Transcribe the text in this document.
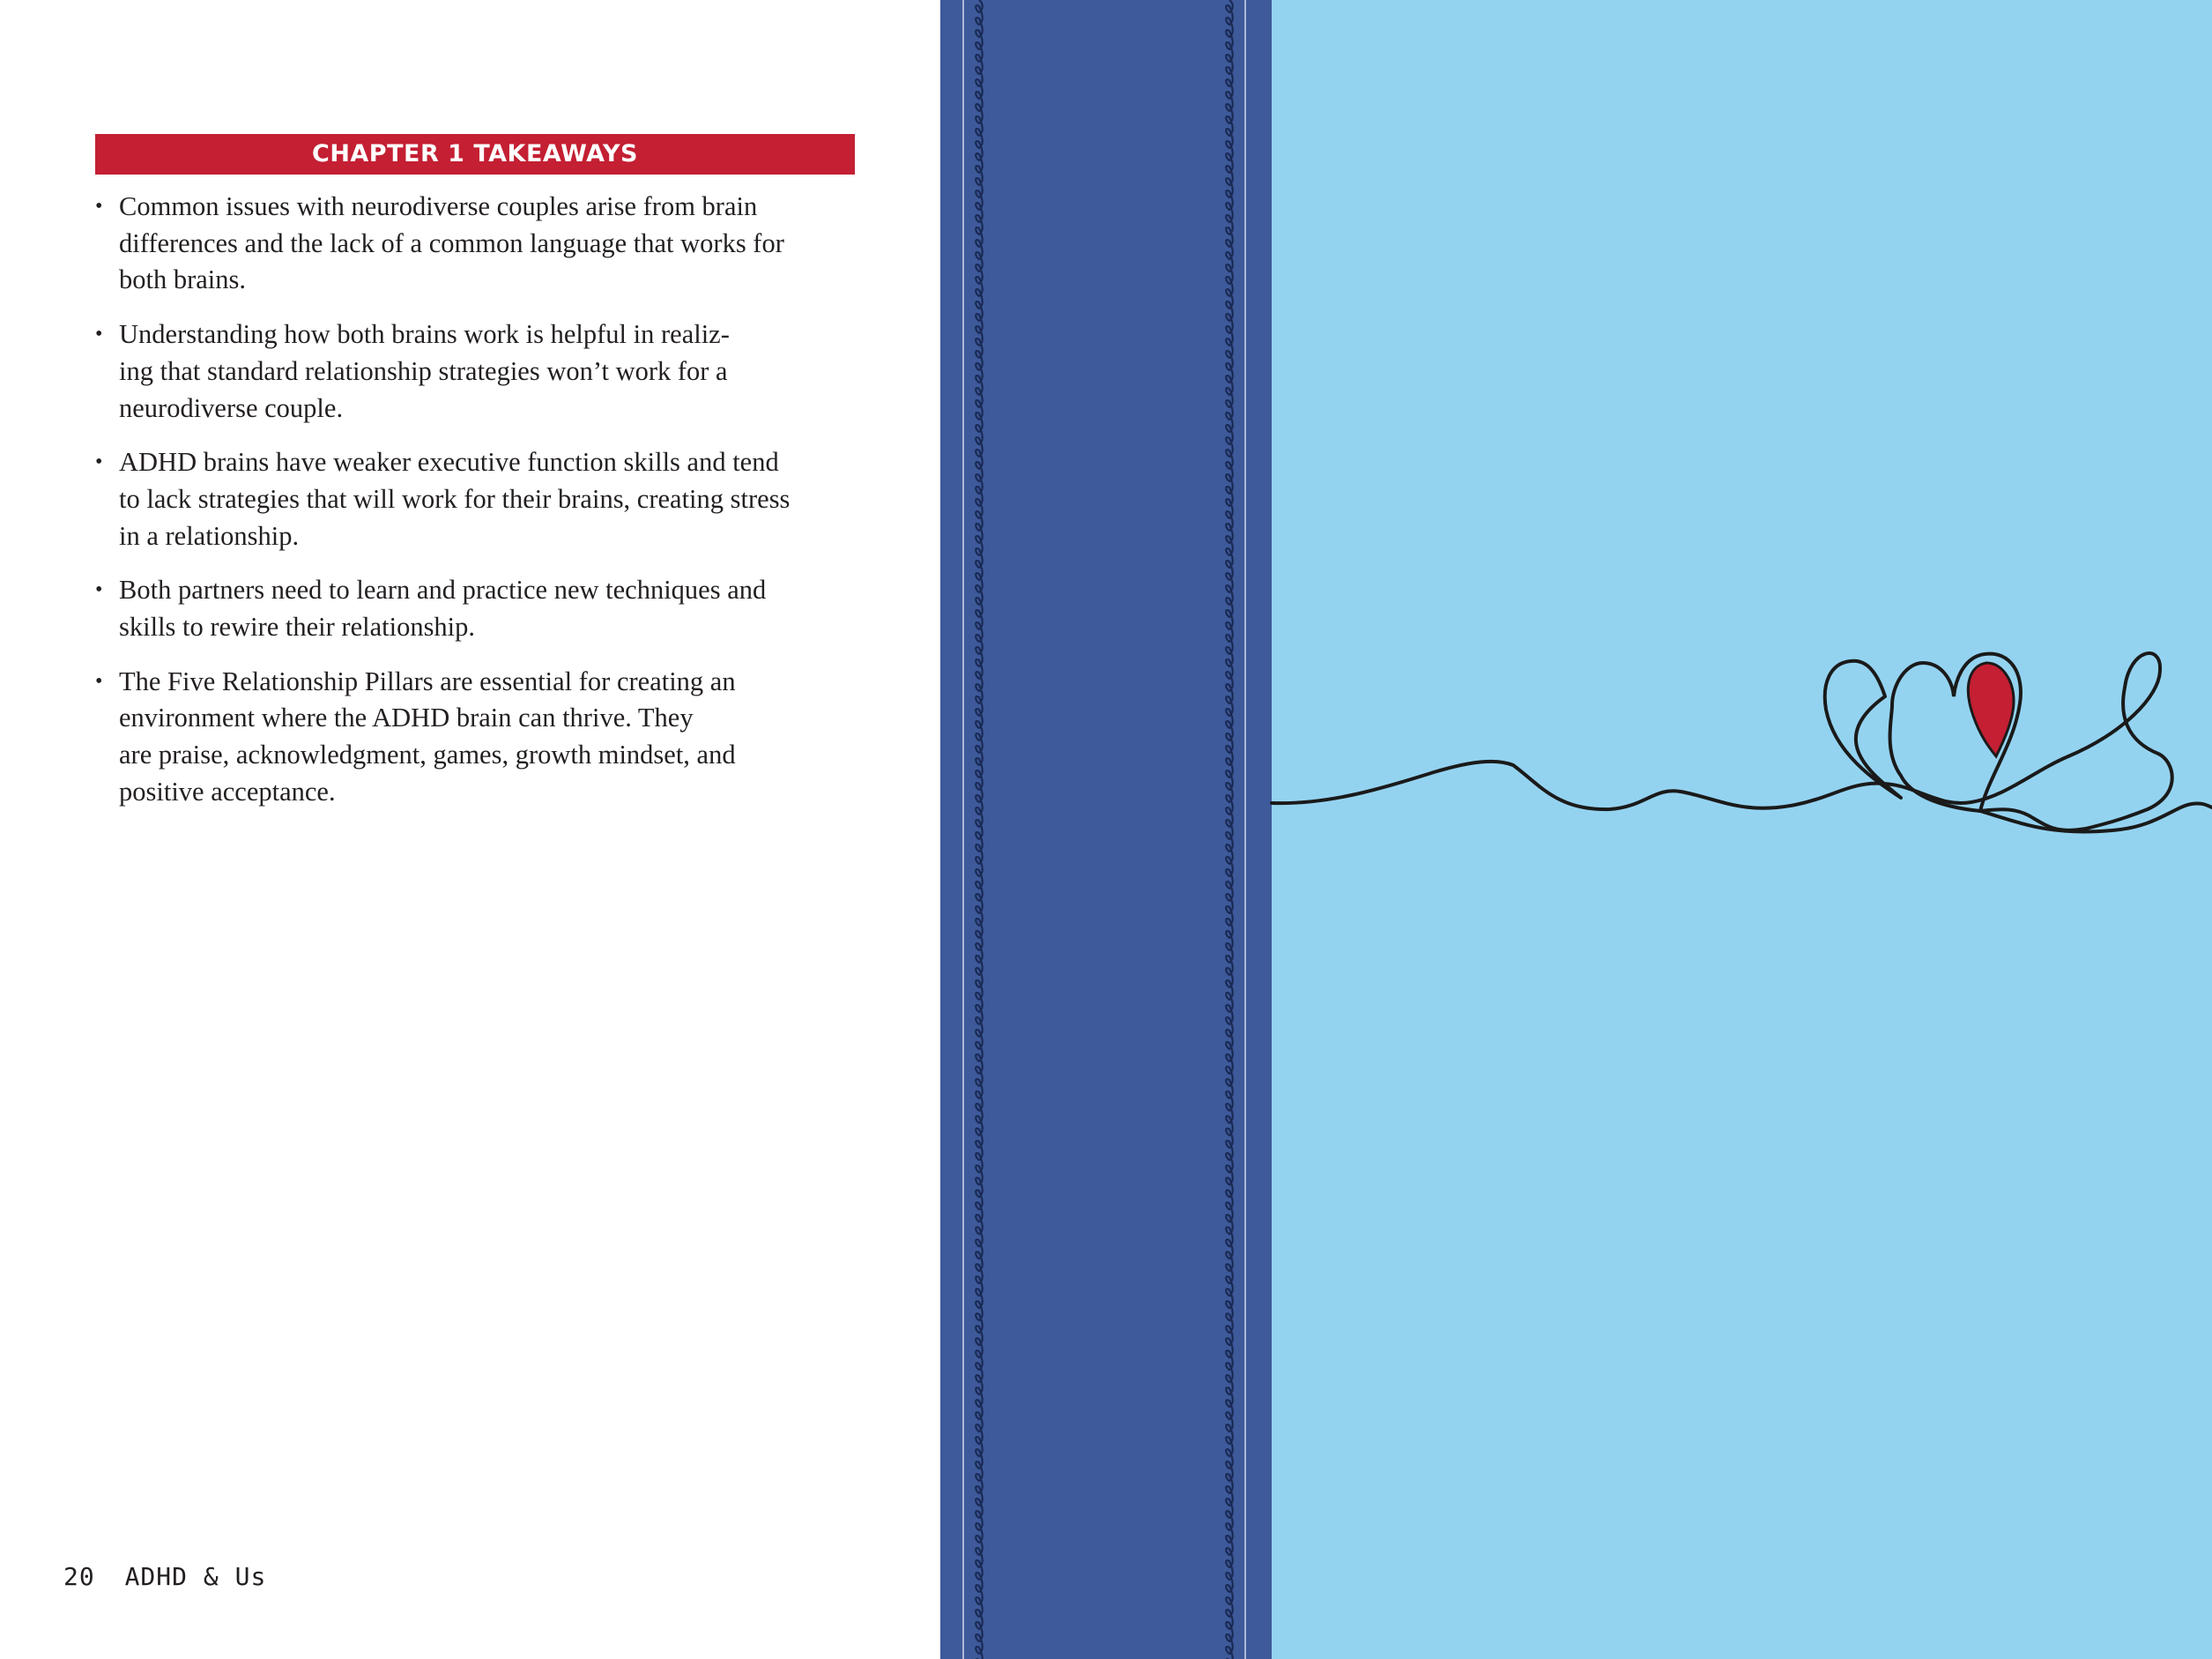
CHAPTER 1 TAKEAWAYS
• Common issues with neurodiverse couples arise from brain
differences and the lack of a common language that works for
both brains.
• Understanding how both brains work is helpful in realiz-
ing that standard relationship strategies won’t work for a
neurodiverse couple.
• ADHD brains have weaker executive function skills and tend
to lack strategies that will work for their brains, creating stress
in a relationship.
• Both partners need to learn and practice new techniques and
skills to rewire their relationship.
• The Five Relationship Pillars are essential for creating an
environment where the ADHD brain can thrive. They
are praise, acknowledgment, games, growth mindset, and
positive acceptance.
20 ADHD & Us
